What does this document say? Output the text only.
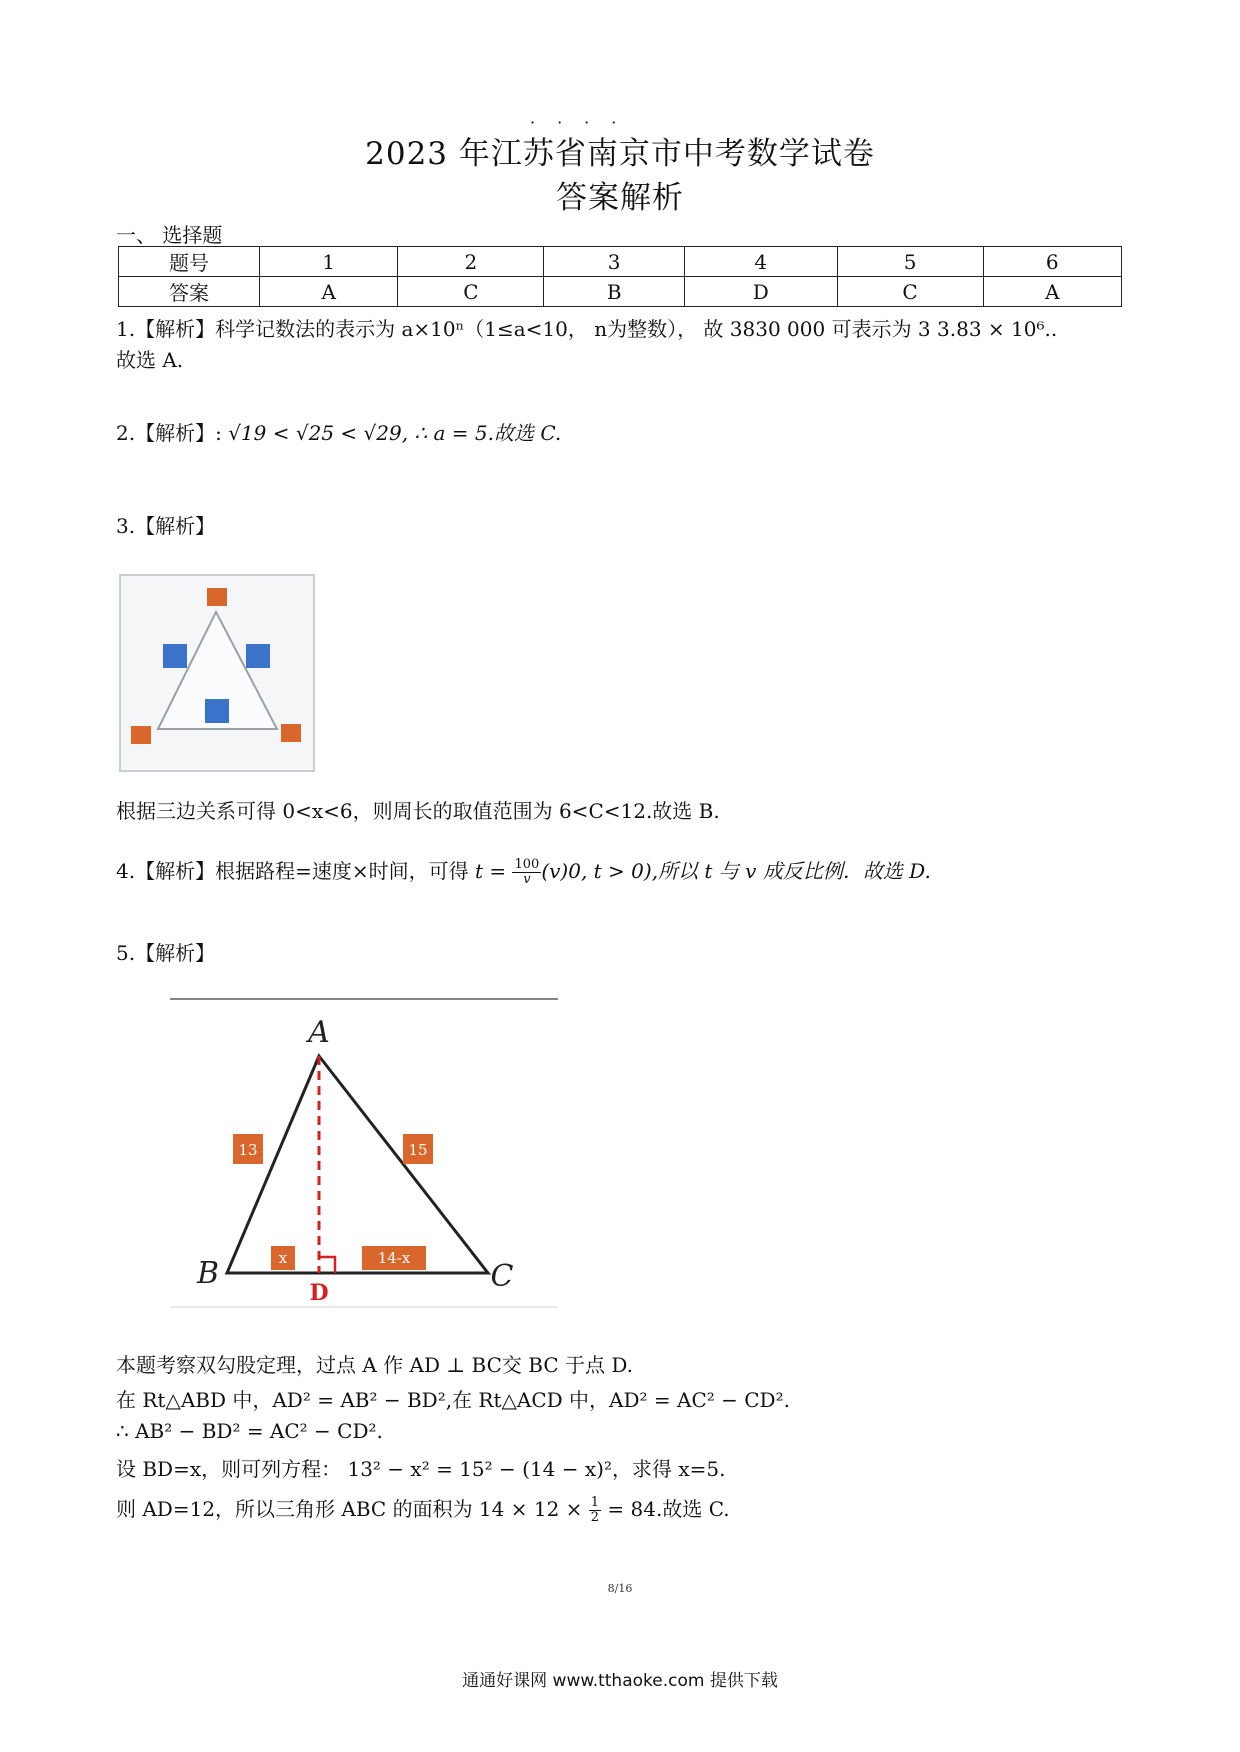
····
2023 年江苏省南京市中考数学试卷
答案解析
一、 选择题
题号	1	2	3	4	5	6
答案	A	C	B	D	C	A
1.【解析】科学记数法的表示为 a×10ⁿ（1≤a<10， n为整数）， 故 3830 000 可表示为 3 3.83 × 10⁶..
故选 A.
2.【解析】: √19 < √25 < √29, ∴ a = 5.故选 C.
3.【解析】
根据三边关系可得 0<x<6，则周长的取值范围为 6<C<12.故选 B.
4.【解析】根据路程=速度×时间，可得 $t = \frac{100}{v}(v)0$, t > 0),所以 t 与 v 成反比例．故选 D.
5.【解析】
A
B	C
D
13	15
x	14-x
本题考察双勾股定理，过点 A 作 AD ⊥ BC交 BC 于点 D.
在 Rt△ABD 中，AD² = AB² − BD²,在 Rt△ACD 中，AD² = AC² − CD².
∴ AB² − BD² = AC² − CD².
设 BD=x，则可列方程： 13² − x² = 15² − (14 − x)²，求得 x=5.
则 AD=12，所以三角形 ABC 的面积为 $14 \times 12 \times \frac{1}{2} = 84$.故选 C.
8/16
通通好课网 www.tthaoke.com 提供下载
